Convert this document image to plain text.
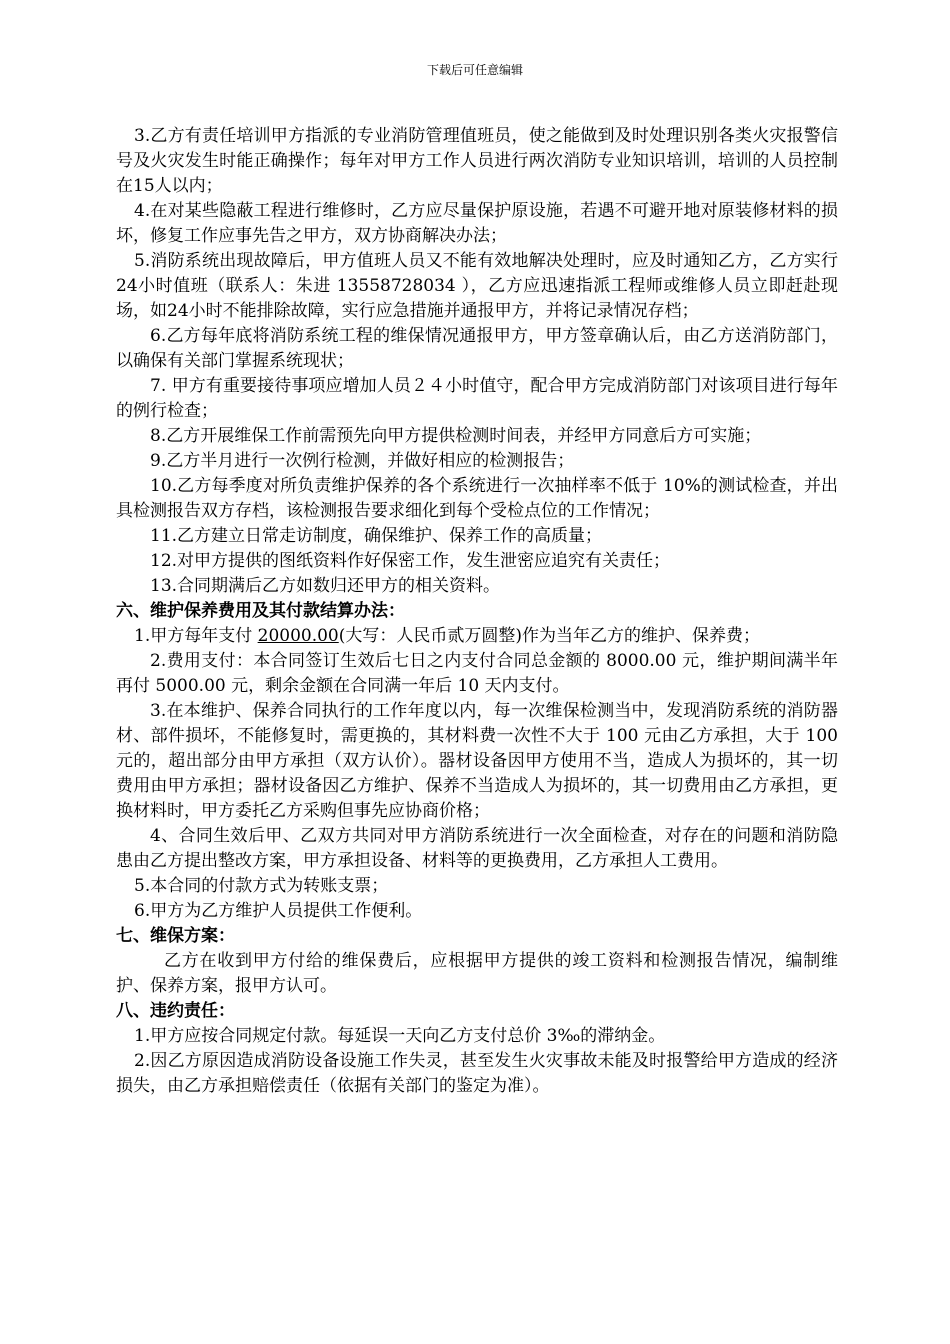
下载后可任意编辑

3.乙方有责任培训甲方指派的专业消防管理值班员，使之能做到及时处理识别各类火灾报警信号及火灾发生时能正确操作；每年对甲方工作人员进行两次消防专业知识培训，培训的人员控制在15人以内；

4.在对某些隐蔽工程进行维修时，乙方应尽量保护原设施，若遇不可避开地对原装修材料的损坏，修复工作应事先告之甲方，双方协商解决办法；

5.消防系统出现故障后，甲方值班人员又不能有效地解决处理时，应及时通知乙方，乙方实行24小时值班（联系人：朱进 13558728034 ），乙方应迅速指派工程师或维修人员立即赶赴现场，如24小时不能排除故障，实行应急措施并通报甲方，并将记录情况存档；

6.乙方每年底将消防系统工程的维保情况通报甲方，甲方签章确认后，由乙方送消防部门，以确保有关部门掌握系统现状；

7. 甲方有重要接待事项应增加人员２４小时值守，配合甲方完成消防部门对该项目进行每年的例行检查；

8.乙方开展维保工作前需预先向甲方提供检测时间表，并经甲方同意后方可实施；

9.乙方半月进行一次例行检测，并做好相应的检测报告；

10.乙方每季度对所负责维护保养的各个系统进行一次抽样率不低于 10%的测试检查，并出具检测报告双方存档，该检测报告要求细化到每个受检点位的工作情况；

11.乙方建立日常走访制度，确保维护、保养工作的高质量；

12.对甲方提供的图纸资料作好保密工作，发生泄密应追究有关责任；

13.合同期满后乙方如数归还甲方的相关资料。

六、维护保养费用及其付款结算办法：

1.甲方每年支付 20000.00(大写：人民币贰万圆整)作为当年乙方的维护、保养费；

2.费用支付：本合同签订生效后七日之内支付合同总金额的 8000.00 元，维护期间满半年再付 5000.00 元，剩余金额在合同满一年后 10 天内支付。

3.在本维护、保养合同执行的工作年度以内，每一次维保检测当中，发现消防系统的消防器材、部件损坏，不能修复时，需更换的，其材料费一次性不大于 100 元由乙方承担，大于 100 元的，超出部分由甲方承担（双方认价）。器材设备因甲方使用不当，造成人为损坏的，其一切费用由甲方承担；器材设备因乙方维护、保养不当造成人为损坏的，其一切费用由乙方承担，更换材料时，甲方委托乙方采购但事先应协商价格；

4、合同生效后甲、乙双方共同对甲方消防系统进行一次全面检查，对存在的问题和消防隐患由乙方提出整改方案，甲方承担设备、材料等的更换费用，乙方承担人工费用。

5.本合同的付款方式为转账支票；

6.甲方为乙方维护人员提供工作便利。

七、维保方案：

乙方在收到甲方付给的维保费后，应根据甲方提供的竣工资料和检测报告情况，编制维护、保养方案，报甲方认可。

八、违约责任：

1.甲方应按合同规定付款。每延误一天向乙方支付总价 3‰的滞纳金。

2.因乙方原因造成消防设备设施工作失灵，甚至发生火灾事故未能及时报警给甲方造成的经济损失，由乙方承担赔偿责任（依据有关部门的鉴定为准）。
